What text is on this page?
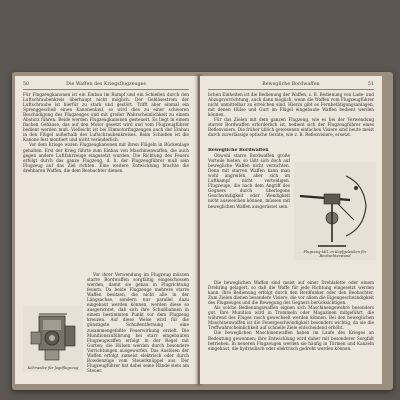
50	Die Waffen des Kriegsflugzeuges

Für Flugzeugkanonen ist ein Einbau im Rumpf und ein Schießen durch den Luftschraubenkreis überhaupt nicht möglich. Der Gebläsestrom der Luftschraube ist hierfür zu stark und gestört. Trifft aber einmal ein Sprenggeschoß einen Kanonenlauf, so wird dies zu einer schweren Beschädigung des Flugzeuges und mit großer Wahrscheinlichkeit zu einem Absturz führen. Beide werden Flugzeugkanonen gesteuert. Es liegt in einem flachen Gehäuse, das auf den Motor gesetzt wird und vom Flugzeugführer bedient werden muß. Vielleicht ist bei Einmotorflugzeugen auch der Einbau in den Flügel außerhalb des Luftschraubenkreises. Beim Schießen ist die Kanone fest montiert und nicht veränderlich.

Vor dem Kriege waren Flugzeugkanonen mit ihren Flügeln in Rückenlage gehalten. Erst der Krieg führte zum Einbau von Maschinenwaffen, die auch gegen andere Luftfahrzeuge eingesetzt wurden. Die Richtung des Feuers erfolgt durch das ganze Flugzeug, d. h. der Flugzeugführer muß sein Flugzeug auf das Ziel richten. Eine weitere Entwicklung brachte die drehbaren Waffen, die dem Beobachter dienen.

Vor ihrer Verwendung im Flugzeug müssen starre Bordwaffen sorgfältig eingeschossen werden, damit sie genau in Flugrichtung feuern. Da beide Flugzeuge mehrere starre Waffen besitzen, die nicht alle in der Längsachse, sondern nur parallel dazu eingebaut werden können, werden diese so ausgerichtet, daß sich ihre Schußbahnen in einem bestimmten Punkt vor dem Flugzeug kreuzen. Auf diese Weise wird für die günstigste Schußentfernung eine zusammengefaßte Feuerwirkung erzielt. Die Munitionszuführung bei starr eingebauten Flugzeugwaffen erfolgt in der Regel mit Gurten; die Hülsen werden durch besondere Vorrichtungen ausgeworfen. Das Auslösen der Waffen erfolgt zumeist elektrisch oder durch Bowdenzüge vom Steuerknüppel aus. Der Flugzeugführer hat dabei seine Hände stets am Steuer.

Kehrwalze für Jagdflugzeug
Bewegliche Bordwaffen	51

lichen Einheiten ist die Bedienung der Waffen, z. B. Bedienung von Lade- und Abzugsvorrichtung, auch dann möglich, wenn die Waffen vom Flugzeugführer nicht unmittelbar zu erreichen sind. Hierzu gibt es Fernbetätigungsanlagen, mit denen Hülse und Gurt im Flügel eingebaute Waffen bedient werden können.

Für das Zielen mit dem ganzen Flugzeug, wie es bei der Verwendung starrer Bordwaffen erforderlich ist, bedient sich der Flugzeugführer eines Reflexvisiers. Die früher üblich gewesenen einfachen Visiere sind heute meist durch zuverlässige optische Geräte, wie z. B. Reflexvisiere, ersetzt.

Bewegliche Bordwaffen

Obwohl starre Bordwaffen große Vorteile bieten, so läßt sich doch auf bewegliche Waffen nicht verzichten. Denn mit starren Waffen kann man wohl angreifen, aber sich im Luftkampf nicht verteidigen. Flugzeuge, die nach dem Angriff des Gegners durch überlegene Geschwindigkeit oder Wendigkeit nicht ausweichen können, müssen mit beweglichen Waffen ausgerüstet sein.

Flugzeug-MG. in Kopfgelenken für Beobachterstand

Die beweglichen Waffen sind meist auf einer Drehlafette oder einem Drehring gelagert, so daß die Waffe für jede Richtung eingesetzt werden kann. Ihre Bedienung erfolgt durch den Bordfunker oder den Beobachter. Zum Zielen dienen besondere Visiere, die vor allem die Eigengeschwindigkeit des Flugzeuges und die Bewegung des Gegners berücksichtigen.

Als solche Bedienungswaffen eignen sich Maschinengewehre besonders gut. Ihre Munition wird in Trommeln oder Magazinen mitgeführt, die während des Fluges rasch gewechselt werden können. Bei den beweglichen Maschinenwaffen ist die Feuergeschwindigkeit besonders wichtig, da sie die Treffwahrscheinlichkeit auf schnelle Ziele entscheidend erhöht.

Die beweglichen Maschinenwaffen haben im Laufe des Krieges an Bedeutung gewonnen; ihre Entwicklung wird daher mit besonderer Sorgfalt betrieben. In neueren Flugzeugen werden sie häufig in Türmen und Kanzeln eingebaut, die hydraulisch oder elektrisch gedreht werden können.
